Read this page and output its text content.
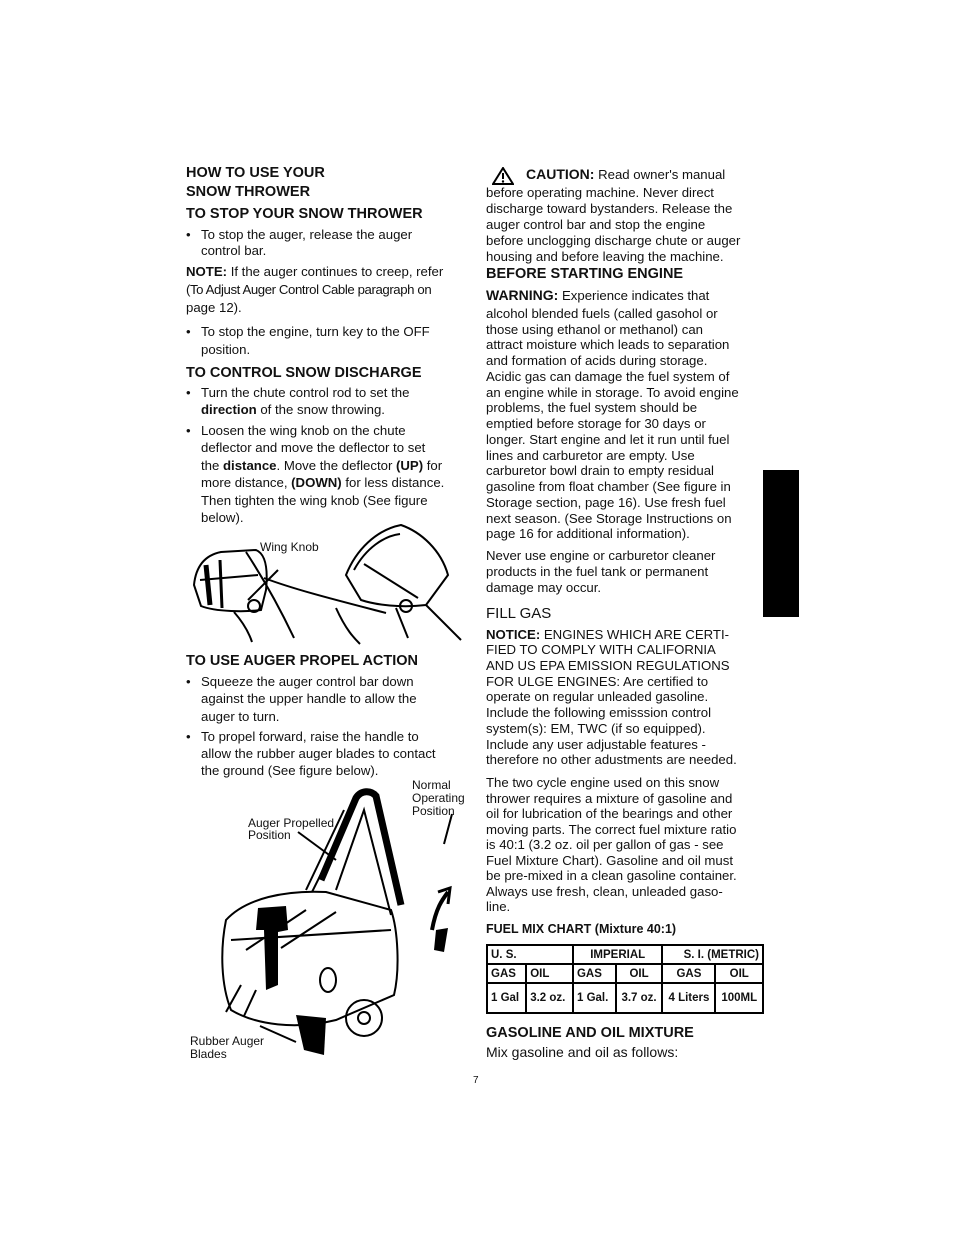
HOW TO USE YOUR
SNOW THROWER
TO STOP YOUR SNOW THROWER
• To stop the auger, release the auger
control bar.
NOTE: If the auger continues to creep, refer
(To Adjust Auger Control Cable paragraph on
page 12).
• To stop the engine, turn key to the OFF
position.
TO CONTROL SNOW DISCHARGE
• Turn the chute control rod to set the
direction of the snow throwing.
• Loosen the wing knob on the chute
deflector and move the deflector to set
the distance. Move the deflector (UP) for
more distance, (DOWN) for less distance.
Then tighten the wing knob (See figure
below).
Wing Knob
TO USE AUGER PROPEL ACTION
• Squeeze the auger control bar down
against the upper handle to allow the
auger to turn.
• To propel forward, raise the handle to
allow the rubber auger blades to contact
the ground (See figure below).
Normal
Operating
Position
Auger Propelled
Position
Rubber Auger
Blades
CAUTION: Read owner's manual
before operating machine. Never direct
discharge toward bystanders. Release the
auger control bar and stop the engine
before unclogging discharge chute or auger
housing and before leaving the machine.
BEFORE STARTING ENGINE
WARNING: Experience indicates that
alcohol blended fuels (called gasohol or
those using ethanol or methanol) can
attract moisture which leads to separation
and formation of acids during storage.
Acidic gas can damage the fuel system of
an engine while in storage. To avoid engine
problems, the fuel system should be
emptied before storage for 30 days or
longer. Start engine and let it run until fuel
lines and carburetor are empty. Use
carburetor bowl drain to empty residual
gasoline from float chamber (See figure in
Storage section, page 16). Use fresh fuel
next season. (See Storage Instructions on
page 16 for additional information).
Never use engine or carburetor cleaner
products in the fuel tank or permanent
damage may occur.
FILL GAS
NOTICE: ENGINES WHICH ARE CERTI-
FIED TO COMPLY WITH CALIFORNIA
AND US EPA EMISSION REGULATIONS
FOR ULGE ENGINES: Are certified to
operate on regular unleaded gasoline.
Include the following emisssion control
system(s): EM, TWC (if so equipped).
Include any user adjustable features -
therefore no other adustments are needed.
The two cycle engine used on this snow
thrower requires a mixture of gasoline and
oil for lubrication of the bearings and other
moving parts. The correct fuel mixture ratio
is 40:1 (3.2 oz. oil per gallon of gas - see
Fuel Mixture Chart). Gasoline and oil must
be pre-mixed in a clean gasoline container.
Always use fresh, clean, unleaded gaso-
line.
FUEL MIX CHART (Mixture 40:1)
U. S.		IMPERIAL		S. I. (METRIC)	
GAS	OIL	GAS	OIL	GAS	OIL
1 Gal	3.2 oz.	1 Gal.	3.7 oz.	4 Liters	100ML
GASOLINE AND OIL MIXTURE
Mix gasoline and oil as follows:
7
